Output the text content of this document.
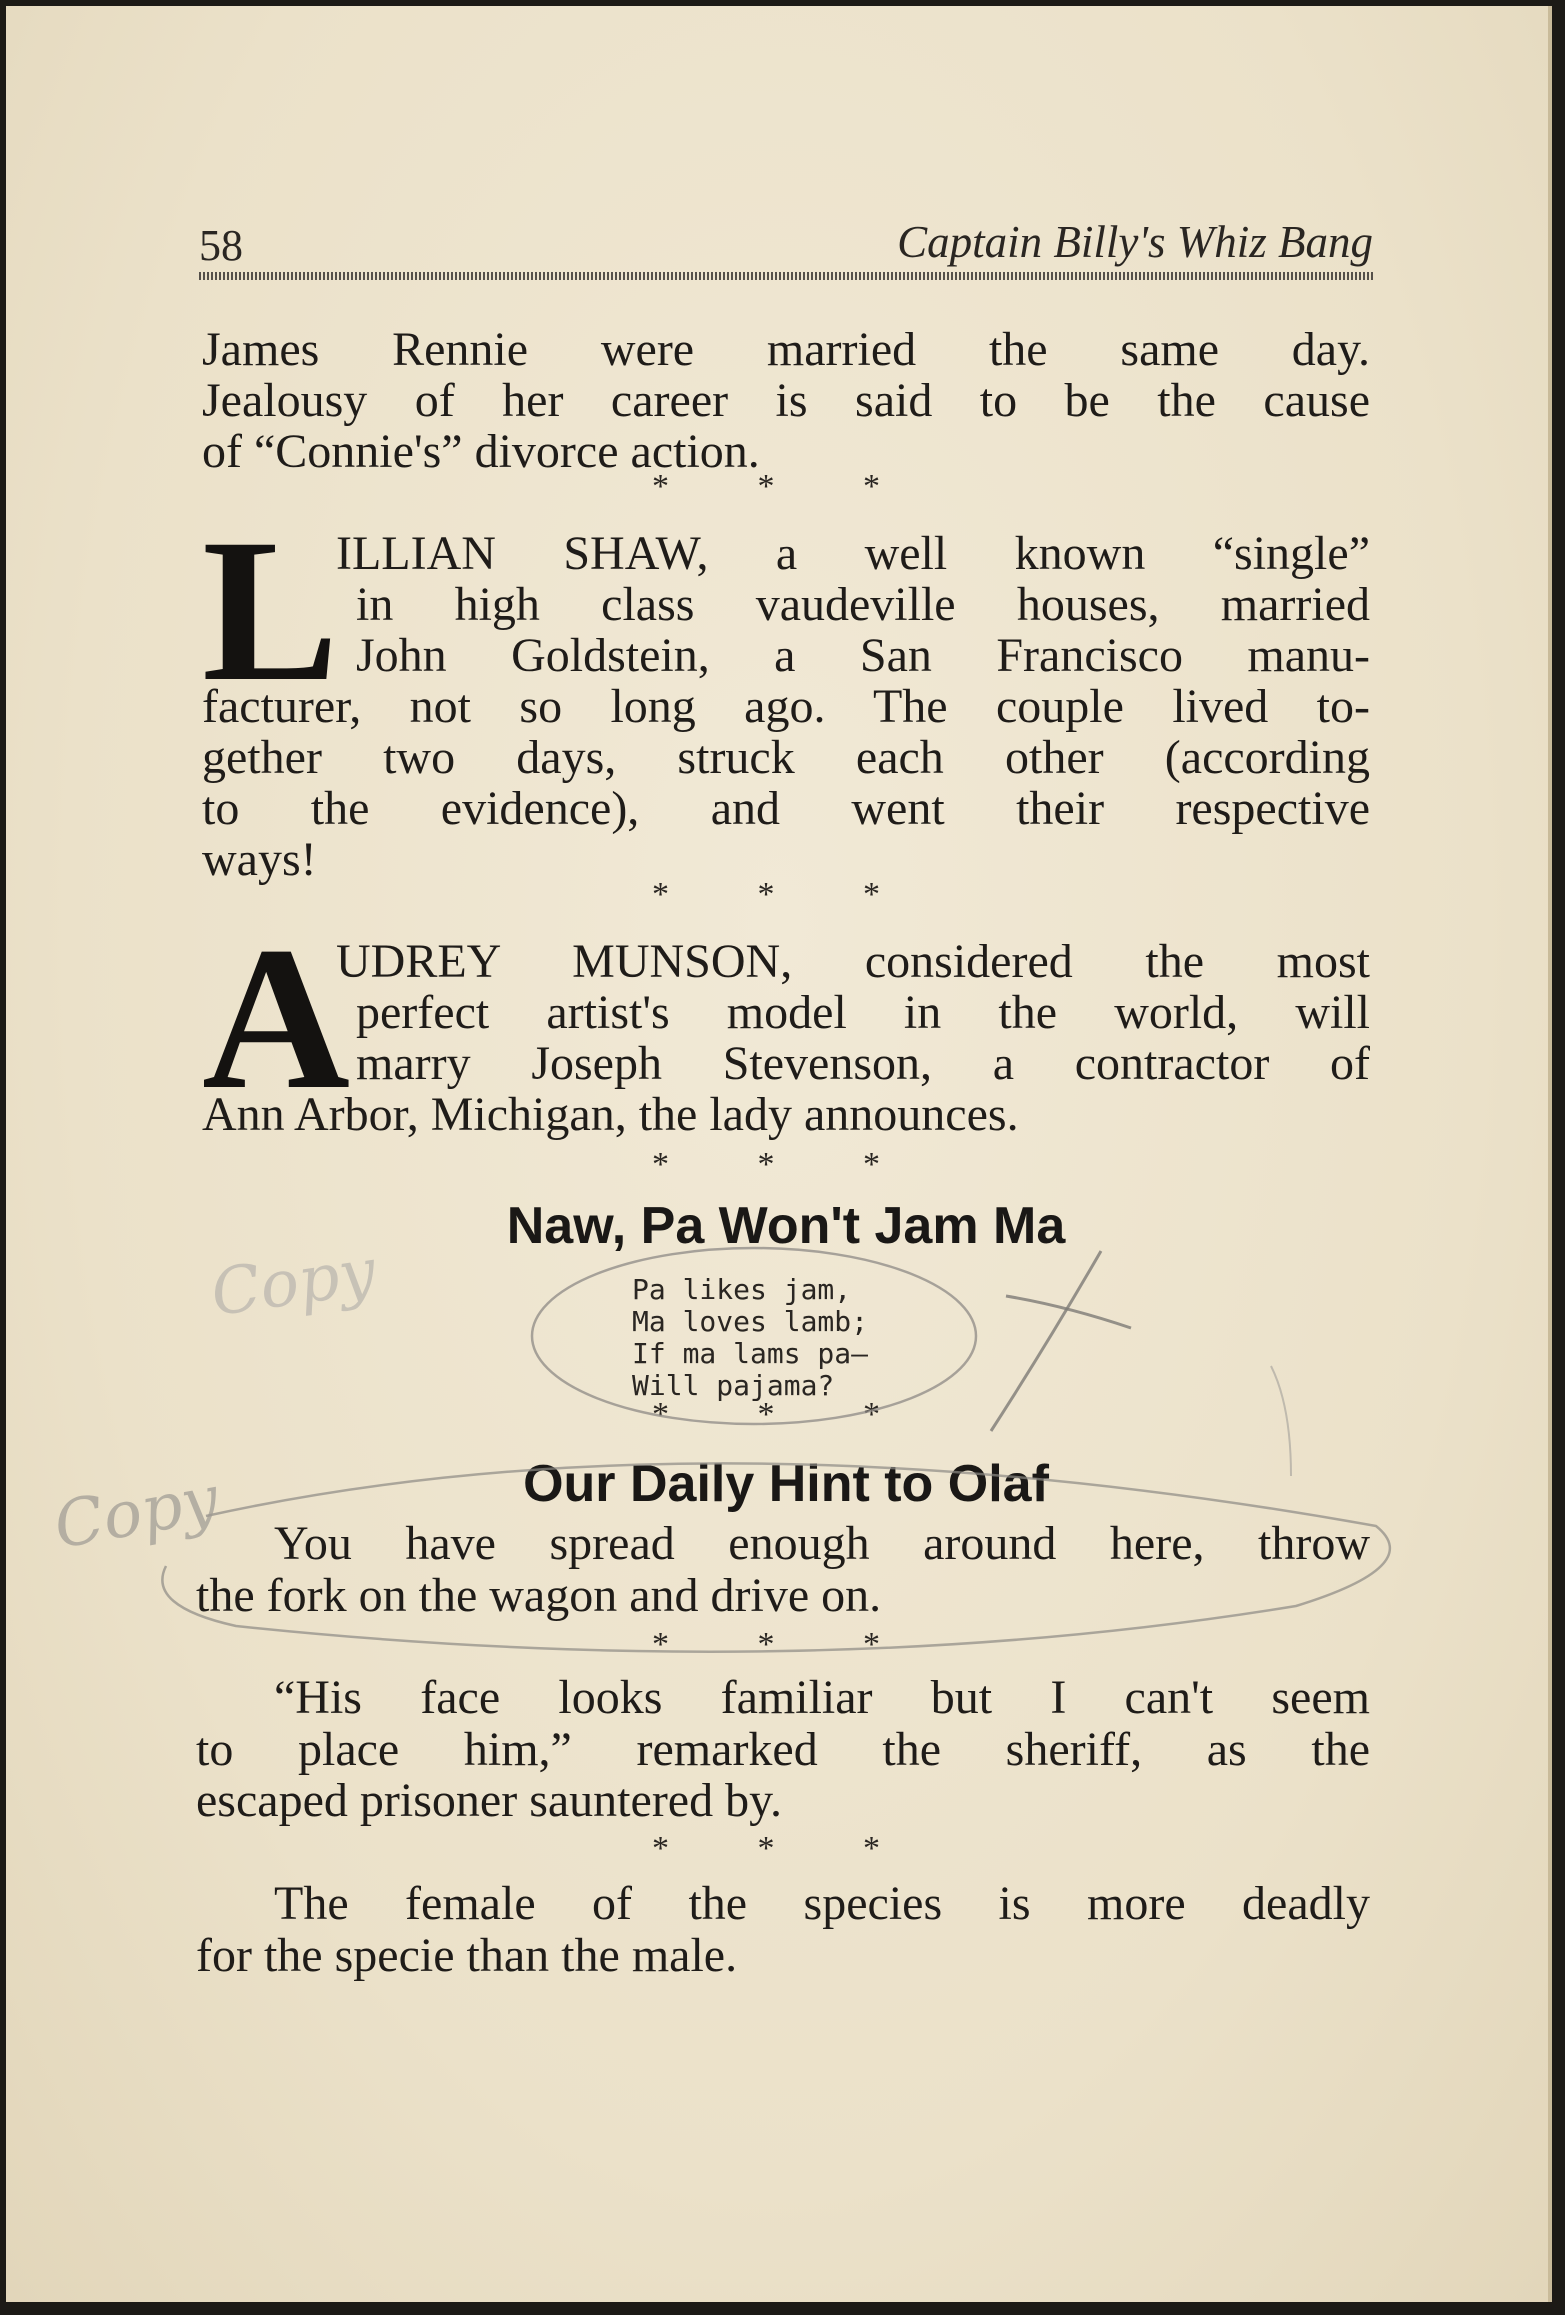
58	Captain Billy's Whiz Bang
James Rennie were married the same day.
Jealousy of her career is said to be the cause
of “Connie's” divorce action.
* * *
L
ILLIAN SHAW, a well known “single”
in high class vaudeville houses, married
John Goldstein, a San Francisco manu-
facturer, not so long ago. The couple lived to-
gether two days, struck each other (according
to the evidence), and went their respective
ways!
* * *
A
UDREY MUNSON, considered the most
perfect artist's model in the world, will
marry Joseph Stevenson, a contractor of
Ann Arbor, Michigan, the lady announces.
* * *
Naw, Pa Won't Jam Ma
Pa likes jam,
Ma loves lamb;
If ma lams pa—
Will pajama?
* * *
Our Daily Hint to Olaf
You have spread enough around here, throw
the fork on the wagon and drive on.
* * *
“His face looks familiar but I can't seem
to place him,” remarked the sheriff, as the
escaped prisoner sauntered by.
* * *
The female of the species is more deadly
for the specie than the male.
Copy
Copy
